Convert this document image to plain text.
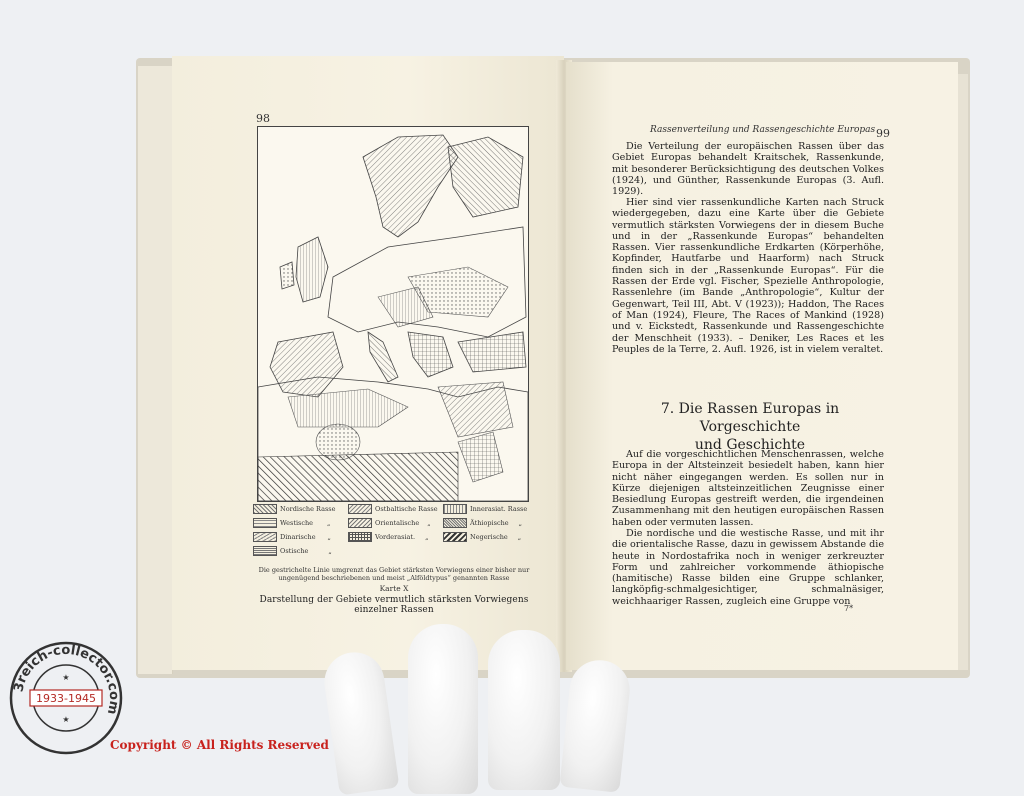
98
Nordische Rasse	Ostbaltische Rasse	Innerasiat. Rasse
Westische „	Orientalische „	Äthiopische „
Dinarische „	Vorderasiat. „	Negerische „
Ostische	„
Die gestrichelte Linie umgrenzt das Gebiet stärksten Vorwiegens einer bisher nur ungenügend beschriebenen und meist „Alföldtypus“ genannten Rasse
Karte X
Darstellung der Gebiete vermutlich stärksten Vorwiegens einzelner Rassen
Rassenverteilung und Rassengeschichte Europas 99
Die Verteilung der europäischen Rassen über das Gebiet Europas behandelt Kraitschek, Rassenkunde, mit besonderer Berücksichtigung des deutschen Volkes (1924), und Günther, Rassenkunde Europas (3. Aufl. 1929).
Hier sind vier rassenkundliche Karten nach Struck wiedergegeben, dazu eine Karte über die Gebiete vermutlich stärksten Vorwiegens der in diesem Buche und in der „Rassenkunde Europas“ behandelten Rassen. Vier rassenkundliche Erdkarten (Körperhöhe, Kopfinder, Hautfarbe und Haarform) nach Struck finden sich in der „Rassenkunde Europas“. Für die Rassen der Erde vgl. Fischer, Spezielle Anthropologie, Rassenlehre (im Bande „Anthropologie“, Kultur der Gegenwart, Teil III, Abt. V (1923)); Haddon, The Races of Man (1924), Fleure, The Races of Mankind (1928) und v. Eickstedt, Rassenkunde und Rassengeschichte der Menschheit (1933). – Deniker, Les Races et les Peuples de la Terre, 2. Aufl. 1926, ist in vielem veraltet.
7. Die Rassen Europas in Vorgeschichte
und Geschichte
Auf die vorgeschichtlichen Menschenrassen, welche Europa in der Altsteinzeit besiedelt haben, kann hier nicht näher eingegangen werden. Es sollen nur in Kürze diejenigen altsteinzeitlichen Zeugnisse einer Besiedlung Europas gestreift werden, die irgendeinen Zusammenhang mit den heutigen europäischen Rassen haben oder vermuten lassen.
Die nordische und die westische Rasse, und mit ihr die orientalische Rasse, dazu in gewissem Abstande die heute in Nordostafrika noch in weniger zerkreuzter Form und zahlreicher vorkommende äthiopische (hamitische) Rasse bilden eine Gruppe schlanker, langköpfig-schmalgesichtiger, schmalnäsiger, weichhaariger Rassen, zugleich eine Gruppe von
7*
3reich-collector.com
1933-1945
★
★
Copyright © All Rights Reserved
